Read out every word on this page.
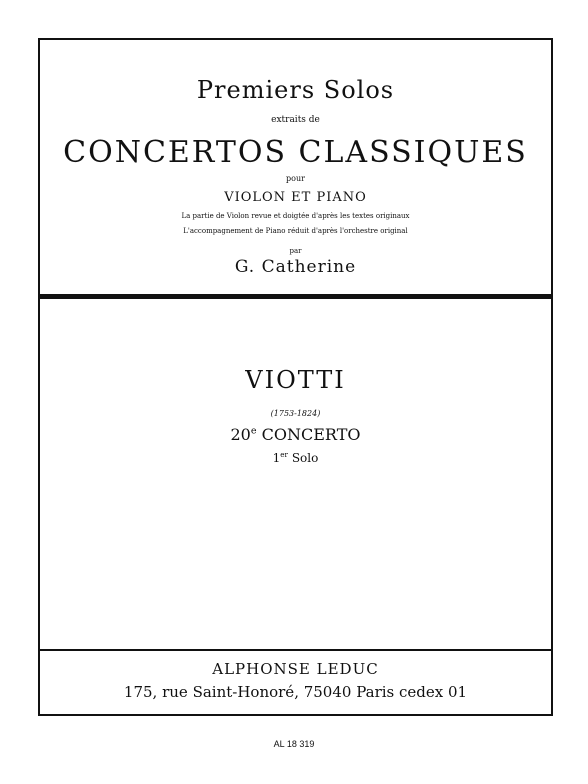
Premiers Solos
extraits de
CONCERTOS CLASSIQUES
pour
VIOLON ET PIANO
La partie de Violon revue et doigtée d'après les textes originaux
L'accompagnement de Piano réduit d'après l'orchestre original
par
G. Catherine
VIOTTI
(1753-1824)
20e CONCERTO
1er Solo
ALPHONSE LEDUC
175, rue Saint-Honoré, 75040 Paris cedex 01
AL 18 319
